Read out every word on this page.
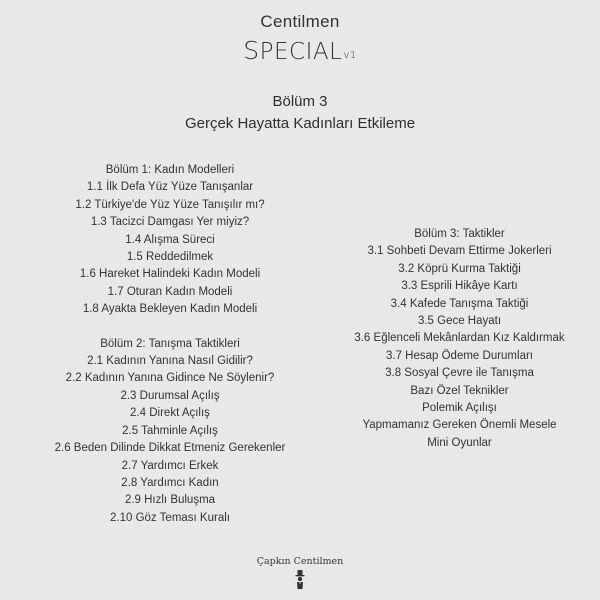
Centilmen
SPECIALv1
Bölüm 3
Gerçek Hayatta Kadınları Etkileme
Bölüm 1: Kadın Modelleri
1.1 İlk Defa Yüz Yüze Tanışanlar
1.2 Türkiye'de Yüz Yüze Tanışılır mı?
1.3 Tacizci Damgası Yer miyiz?
1.4 Alışma Süreci
1.5 Reddedilmek
1.6 Hareket Halindeki Kadın Modeli
1.7 Oturan Kadın Modeli
1.8 Ayakta Bekleyen Kadın Modeli
Bölüm 2: Tanışma Taktikleri
2.1 Kadının Yanına Nasıl Gidilir?
2.2 Kadının Yanına Gidince Ne Söylenir?
2.3 Durumsal Açılış
2.4 Direkt Açılış
2.5 Tahminle Açılış
2.6 Beden Dilinde Dikkat Etmeniz Gerekenler
2.7 Yardımcı Erkek
2.8 Yardımcı Kadın
2.9 Hızlı Buluşma
2.10 Göz Teması Kuralı
Bölüm 3: Taktikler
3.1 Sohbeti Devam Ettirme Jokerleri
3.2 Köprü Kurma Taktiği
3.3 Esprili Hikâye Kartı
3.4 Kafede Tanışma Taktiği
3.5 Gece Hayatı
3.6 Eğlenceli Mekânlardan Kız Kaldırmak
3.7 Hesap Ödeme Durumları
3.8 Sosyal Çevre ile Tanışma
Bazı Özel Teknikler
Polemik Açılışı
Yapmamanız Gereken Önemli Mesele
Mini Oyunlar
Çapkın Centilmen
